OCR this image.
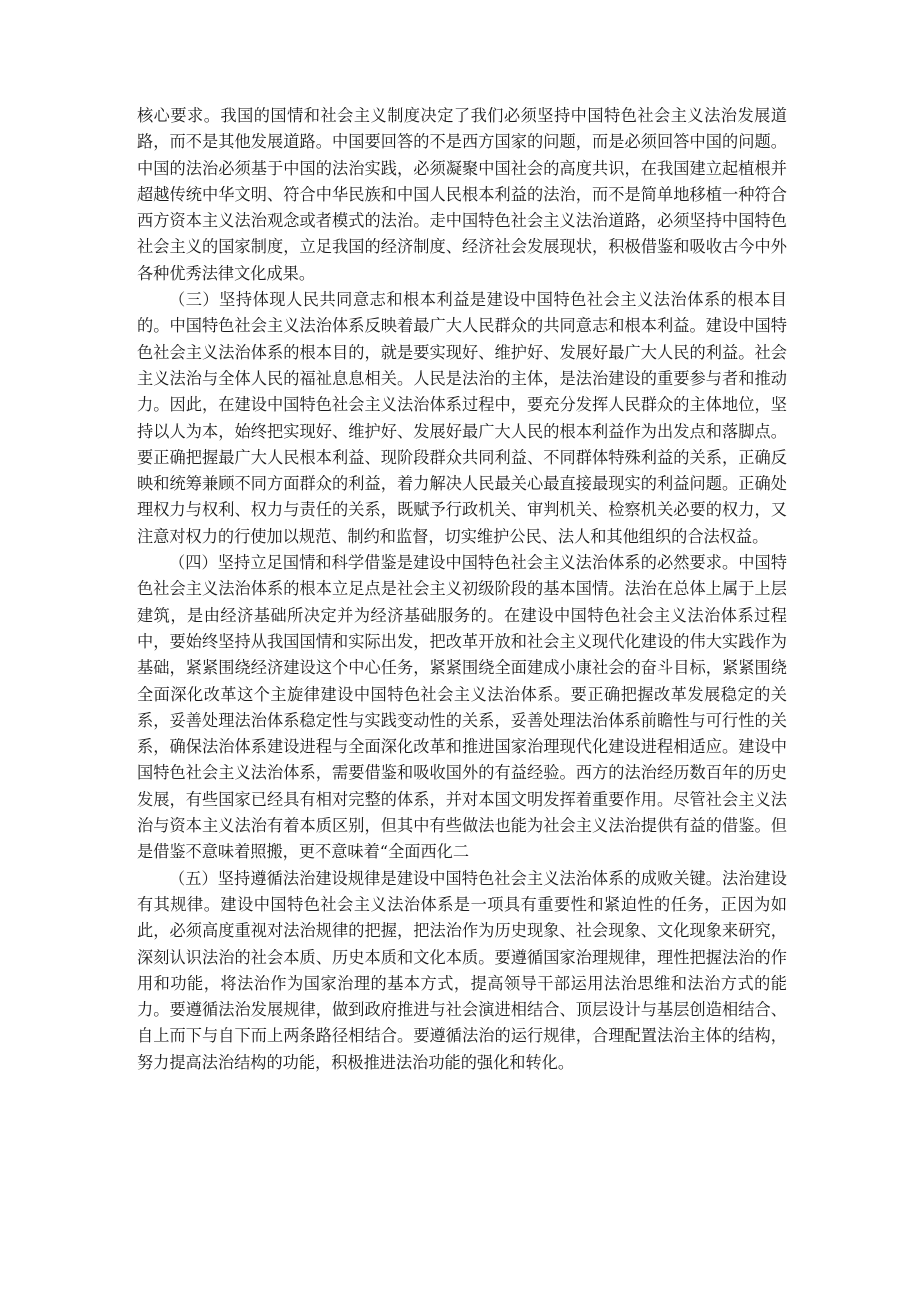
核心要求。我国的国情和社会主义制度决定了我们必须坚持中国特色社会主义法治发展道路，而不是其他发展道路。中国要回答的不是西方国家的问题，而是必须回答中国的问题。中国的法治必须基于中国的法治实践，必须凝聚中国社会的高度共识，在我国建立起植根并超越传统中华文明、符合中华民族和中国人民根本利益的法治，而不是简单地移植一种符合西方资本主义法治观念或者模式的法治。走中国特色社会主义法治道路，必须坚持中国特色社会主义的国家制度，立足我国的经济制度、经济社会发展现状，积极借鉴和吸收古今中外各种优秀法律文化成果。

（三）坚持体现人民共同意志和根本利益是建设中国特色社会主义法治体系的根本目的。中国特色社会主义法治体系反映着最广大人民群众的共同意志和根本利益。建设中国特色社会主义法治体系的根本目的，就是要实现好、维护好、发展好最广大人民的利益。社会主义法治与全体人民的福祉息息相关。人民是法治的主体，是法治建设的重要参与者和推动力。因此，在建设中国特色社会主义法治体系过程中，要充分发挥人民群众的主体地位，坚持以人为本，始终把实现好、维护好、发展好最广大人民的根本利益作为出发点和落脚点。要正确把握最广大人民根本利益、现阶段群众共同利益、不同群体特殊利益的关系，正确反映和统筹兼顾不同方面群众的利益，着力解决人民最关心最直接最现实的利益问题。正确处理权力与权利、权力与责任的关系，既赋予行政机关、审判机关、检察机关必要的权力，又注意对权力的行使加以规范、制约和监督，切实维护公民、法人和其他组织的合法权益。

（四）坚持立足国情和科学借鉴是建设中国特色社会主义法治体系的必然要求。中国特色社会主义法治体系的根本立足点是社会主义初级阶段的基本国情。法治在总体上属于上层建筑，是由经济基础所决定并为经济基础服务的。在建设中国特色社会主义法治体系过程中，要始终坚持从我国国情和实际出发，把改革开放和社会主义现代化建设的伟大实践作为基础，紧紧围绕经济建设这个中心任务，紧紧围绕全面建成小康社会的奋斗目标，紧紧围绕全面深化改革这个主旋律建设中国特色社会主义法治体系。要正确把握改革发展稳定的关系，妥善处理法治体系稳定性与实践变动性的关系，妥善处理法治体系前瞻性与可行性的关系，确保法治体系建设进程与全面深化改革和推进国家治理现代化建设进程相适应。建设中国特色社会主义法治体系，需要借鉴和吸收国外的有益经验。西方的法治经历数百年的历史发展，有些国家已经具有相对完整的体系，并对本国文明发挥着重要作用。尽管社会主义法治与资本主义法治有着本质区别，但其中有些做法也能为社会主义法治提供有益的借鉴。但是借鉴不意味着照搬，更不意味着“全面西化二

（五）坚持遵循法治建设规律是建设中国特色社会主义法治体系的成败关键。法治建设有其规律。建设中国特色社会主义法治体系是一项具有重要性和紧迫性的任务，正因为如此，必须高度重视对法治规律的把握，把法治作为历史现象、社会现象、文化现象来研究，深刻认识法治的社会本质、历史本质和文化本质。要遵循国家治理规律，理性把握法治的作用和功能，将法治作为国家治理的基本方式，提高领导干部运用法治思维和法治方式的能力。要遵循法治发展规律，做到政府推进与社会演进相结合、顶层设计与基层创造相结合、自上而下与自下而上两条路径相结合。要遵循法治的运行规律，合理配置法治主体的结构，努力提高法治结构的功能，积极推进法治功能的强化和转化。
